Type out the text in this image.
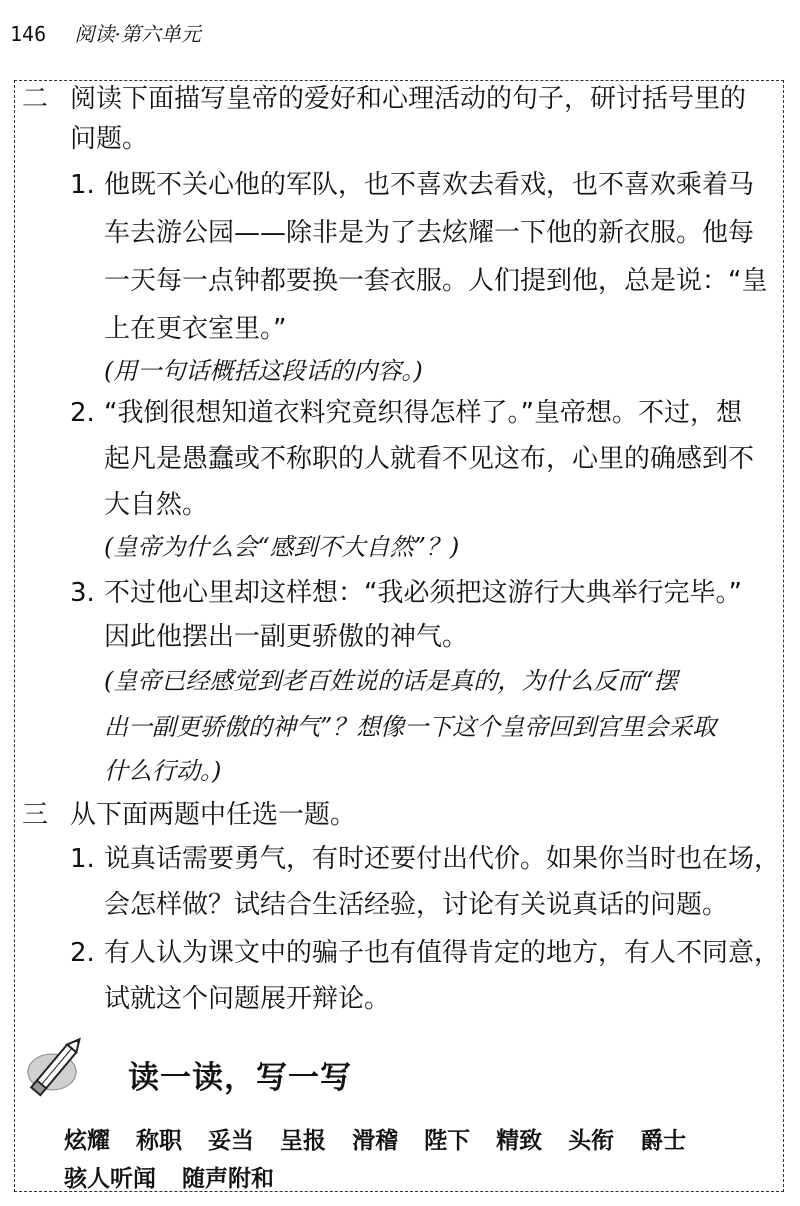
146 阅读·第六单元
二 阅读下面描写皇帝的爱好和心理活动的句子，研讨括号里的
问题。
1. 他既不关心他的军队，也不喜欢去看戏，也不喜欢乘着马
车去游公园——除非是为了去炫耀一下他的新衣服。他每
一天每一点钟都要换一套衣服。人们提到他，总是说：“皇
上在更衣室里。”
(用一句话概括这段话的内容。)
2. “我倒很想知道衣料究竟织得怎样了。”皇帝想。不过，想
起凡是愚蠢或不称职的人就看不见这布，心里的确感到不
大自然。
(皇帝为什么会“感到不大自然”？)
3. 不过他心里却这样想：“我必须把这游行大典举行完毕。”
因此他摆出一副更骄傲的神气。
(皇帝已经感觉到老百姓说的话是真的，为什么反而“摆
出一副更骄傲的神气”？想像一下这个皇帝回到宫里会采取
什么行动。)
三 从下面两题中任选一题。
1. 说真话需要勇气，有时还要付出代价。如果你当时也在场，
会怎样做？试结合生活经验，讨论有关说真话的问题。
2. 有人认为课文中的骗子也有值得肯定的地方，有人不同意，
试就这个问题展开辩论。
读一读，写一写
炫耀 称职 妥当 呈报 滑稽 陛下 精致 头衔 爵士
骇人听闻 随声附和
